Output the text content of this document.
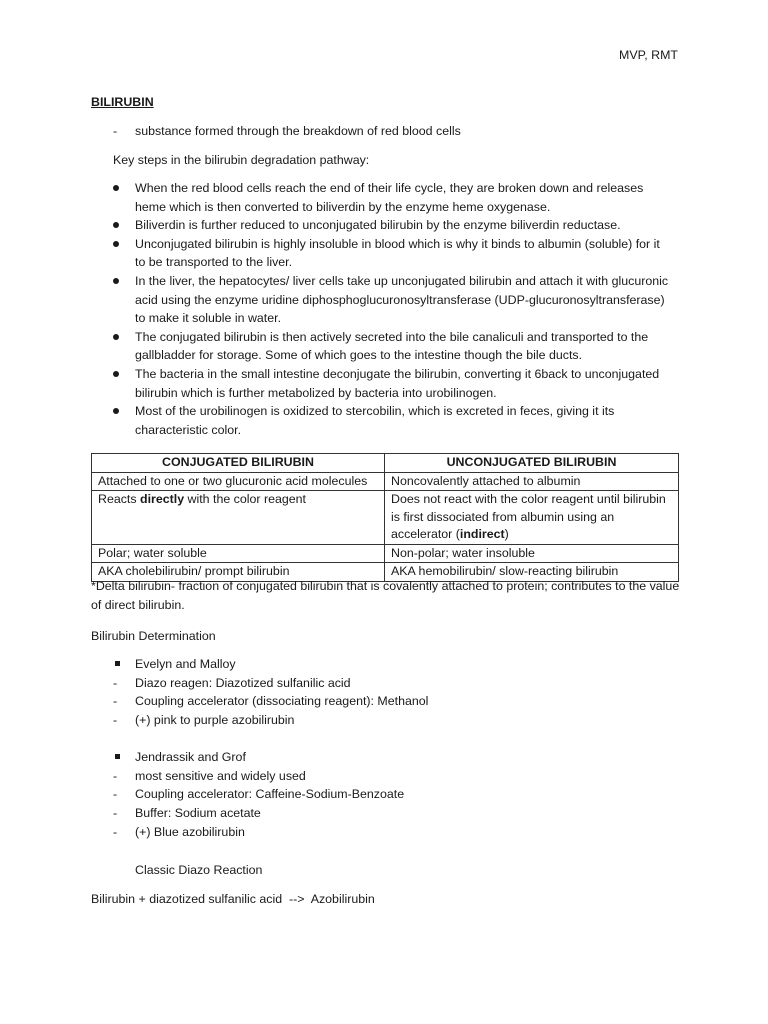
MVP, RMT
BILIRUBIN
- substance formed through the breakdown of red blood cells
Key steps in the bilirubin degradation pathway:
When the red blood cells reach the end of their life cycle, they are broken down and releases heme which is then converted to biliverdin by the enzyme heme oxygenase.
Biliverdin is further reduced to unconjugated bilirubin by the enzyme biliverdin reductase.
Unconjugated bilirubin is highly insoluble in blood which is why it binds to albumin (soluble) for it to be transported to the liver.
In the liver, the hepatocytes/ liver cells take up unconjugated bilirubin and attach it with glucuronic acid using the enzyme uridine diphosphoglucuronosyltransferase (UDP-glucuronosyltransferase) to make it soluble in water.
The conjugated bilirubin is then actively secreted into the bile canaliculi and transported to the gallbladder for storage. Some of which goes to the intestine though the bile ducts.
The bacteria in the small intestine deconjugate the bilirubin, converting it 6back to unconjugated bilirubin which is further metabolized by bacteria into urobilinogen.
Most of the urobilinogen is oxidized to stercobilin, which is excreted in feces, giving it its characteristic color.
CONJUGATED BILIRUBIN	UNCONJUGATED BILIRUBIN
Attached to one or two glucuronic acid molecules	Noncovalently attached to albumin
Reacts directly with the color reagent	Does not react with the color reagent until bilirubin is first dissociated from albumin using an accelerator (indirect)
Polar; water soluble	Non-polar; water insoluble
AKA cholebilirubin/ prompt bilirubin	AKA hemobilirubin/ slow-reacting bilirubin
*Delta bilirubin- fraction of conjugated bilirubin that is covalently attached to protein; contributes to the value of direct bilirubin.
Bilirubin Determination
Evelyn and Malloy
- Diazo reagen: Diazotized sulfanilic acid
- Coupling accelerator (dissociating reagent): Methanol
- (+) pink to purple azobilirubin
Jendrassik and Grof
- most sensitive and widely used
- Coupling accelerator: Caffeine-Sodium-Benzoate
- Buffer: Sodium acetate
- (+) Blue azobilirubin
Classic Diazo Reaction
Bilirubin + diazotized sulfanilic acid  -->  Azobilirubin
